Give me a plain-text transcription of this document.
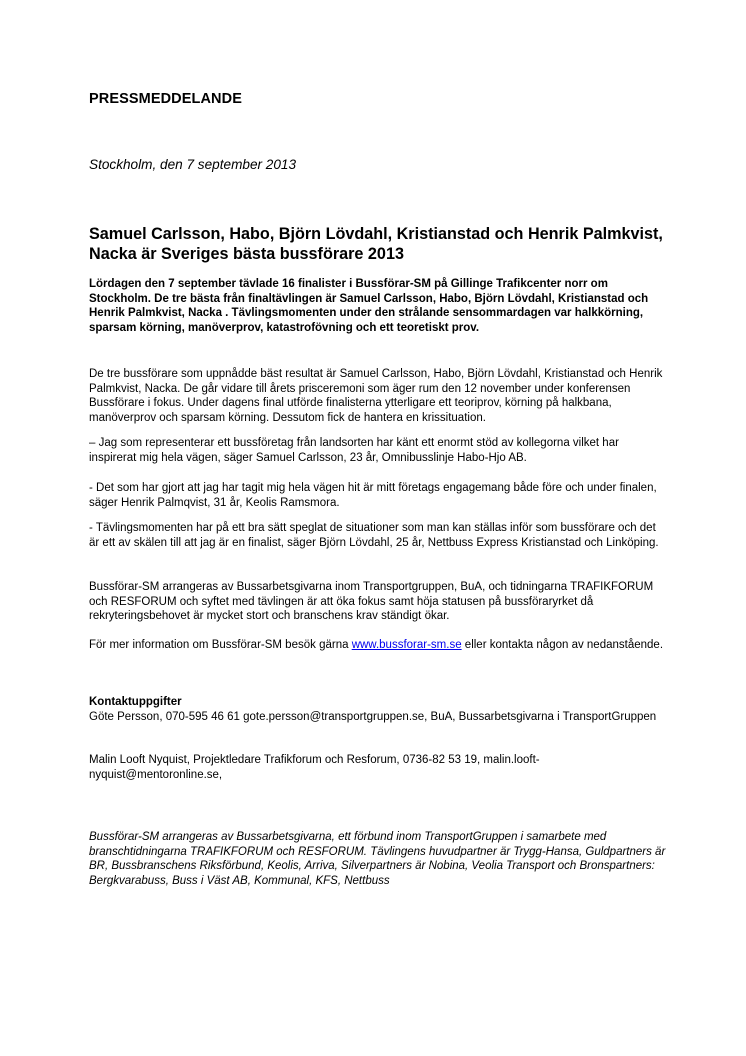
PRESSMEDDELANDE
Stockholm, den 7 september 2013
Samuel Carlsson, Habo, Björn Lövdahl, Kristianstad och Henrik Palmkvist, Nacka är Sveriges bästa bussförare 2013
Lördagen den 7 september tävlade 16 finalister i Bussförar-SM på Gillinge Trafikcenter norr om Stockholm. De tre bästa från finaltävlingen är Samuel Carlsson, Habo, Björn Lövdahl, Kristianstad och Henrik Palmkvist, Nacka . Tävlingsmomenten under den strålande sensommardagen var halkkörning, sparsam körning, manöverprov, katastrofövning och ett teoretiskt prov.
De tre bussförare som uppnådde bäst resultat är Samuel Carlsson, Habo, Björn Lövdahl, Kristianstad och Henrik Palmkvist, Nacka. De går vidare till årets prisceremoni som äger rum den 12 november under konferensen Bussförare i fokus. Under dagens final utförde finalisterna ytterligare ett teoriprov, körning på halkbana, manöverprov och sparsam körning. Dessutom fick de hantera en krissituation.
– Jag som representerar ett bussföretag från landsorten har känt ett enormt stöd av kollegorna vilket har inspirerat mig hela vägen, säger Samuel Carlsson, 23 år, Omnibusslinje Habo-Hjo AB.
- Det som har gjort att jag har tagit mig hela vägen hit är mitt företags engagemang både före och under finalen, säger Henrik Palmqvist, 31 år, Keolis Ramsmora.
- Tävlingsmomenten har på ett bra sätt speglat de situationer som man kan ställas inför som bussförare och det är ett av skälen till att jag är en finalist, säger Björn Lövdahl, 25 år, Nettbuss Express Kristianstad och Linköping.
Bussförar-SM arrangeras av Bussarbetsgivarna inom Transportgruppen, BuA, och tidningarna TRAFIKFORUM och RESFORUM och syftet med tävlingen är att öka fokus samt höja statusen på bussföraryrket då rekryteringsbehovet är mycket stort och branschens krav ständigt ökar.
För mer information om Bussförar-SM besök gärna www.bussforar-sm.se eller kontakta någon av nedanstående.
Kontaktuppgifter
Göte Persson, 070-595 46 61 gote.persson@transportgruppen.se, BuA, Bussarbetsgivarna i TransportGruppen
Malin Looft Nyquist, Projektledare Trafikforum och Resforum, 0736-82 53 19, malin.looft-nyquist@mentoronline.se,
Bussförar-SM arrangeras av Bussarbetsgivarna, ett förbund inom TransportGruppen i samarbete med branschtidningarna TRAFIKFORUM och RESFORUM. Tävlingens huvudpartner är Trygg-Hansa, Guldpartners är BR, Bussbranschens Riksförbund, Keolis, Arriva, Silverpartners är Nobina, Veolia Transport och Bronspartners: Bergkvarabuss, Buss i Väst AB, Kommunal, KFS, Nettbuss
